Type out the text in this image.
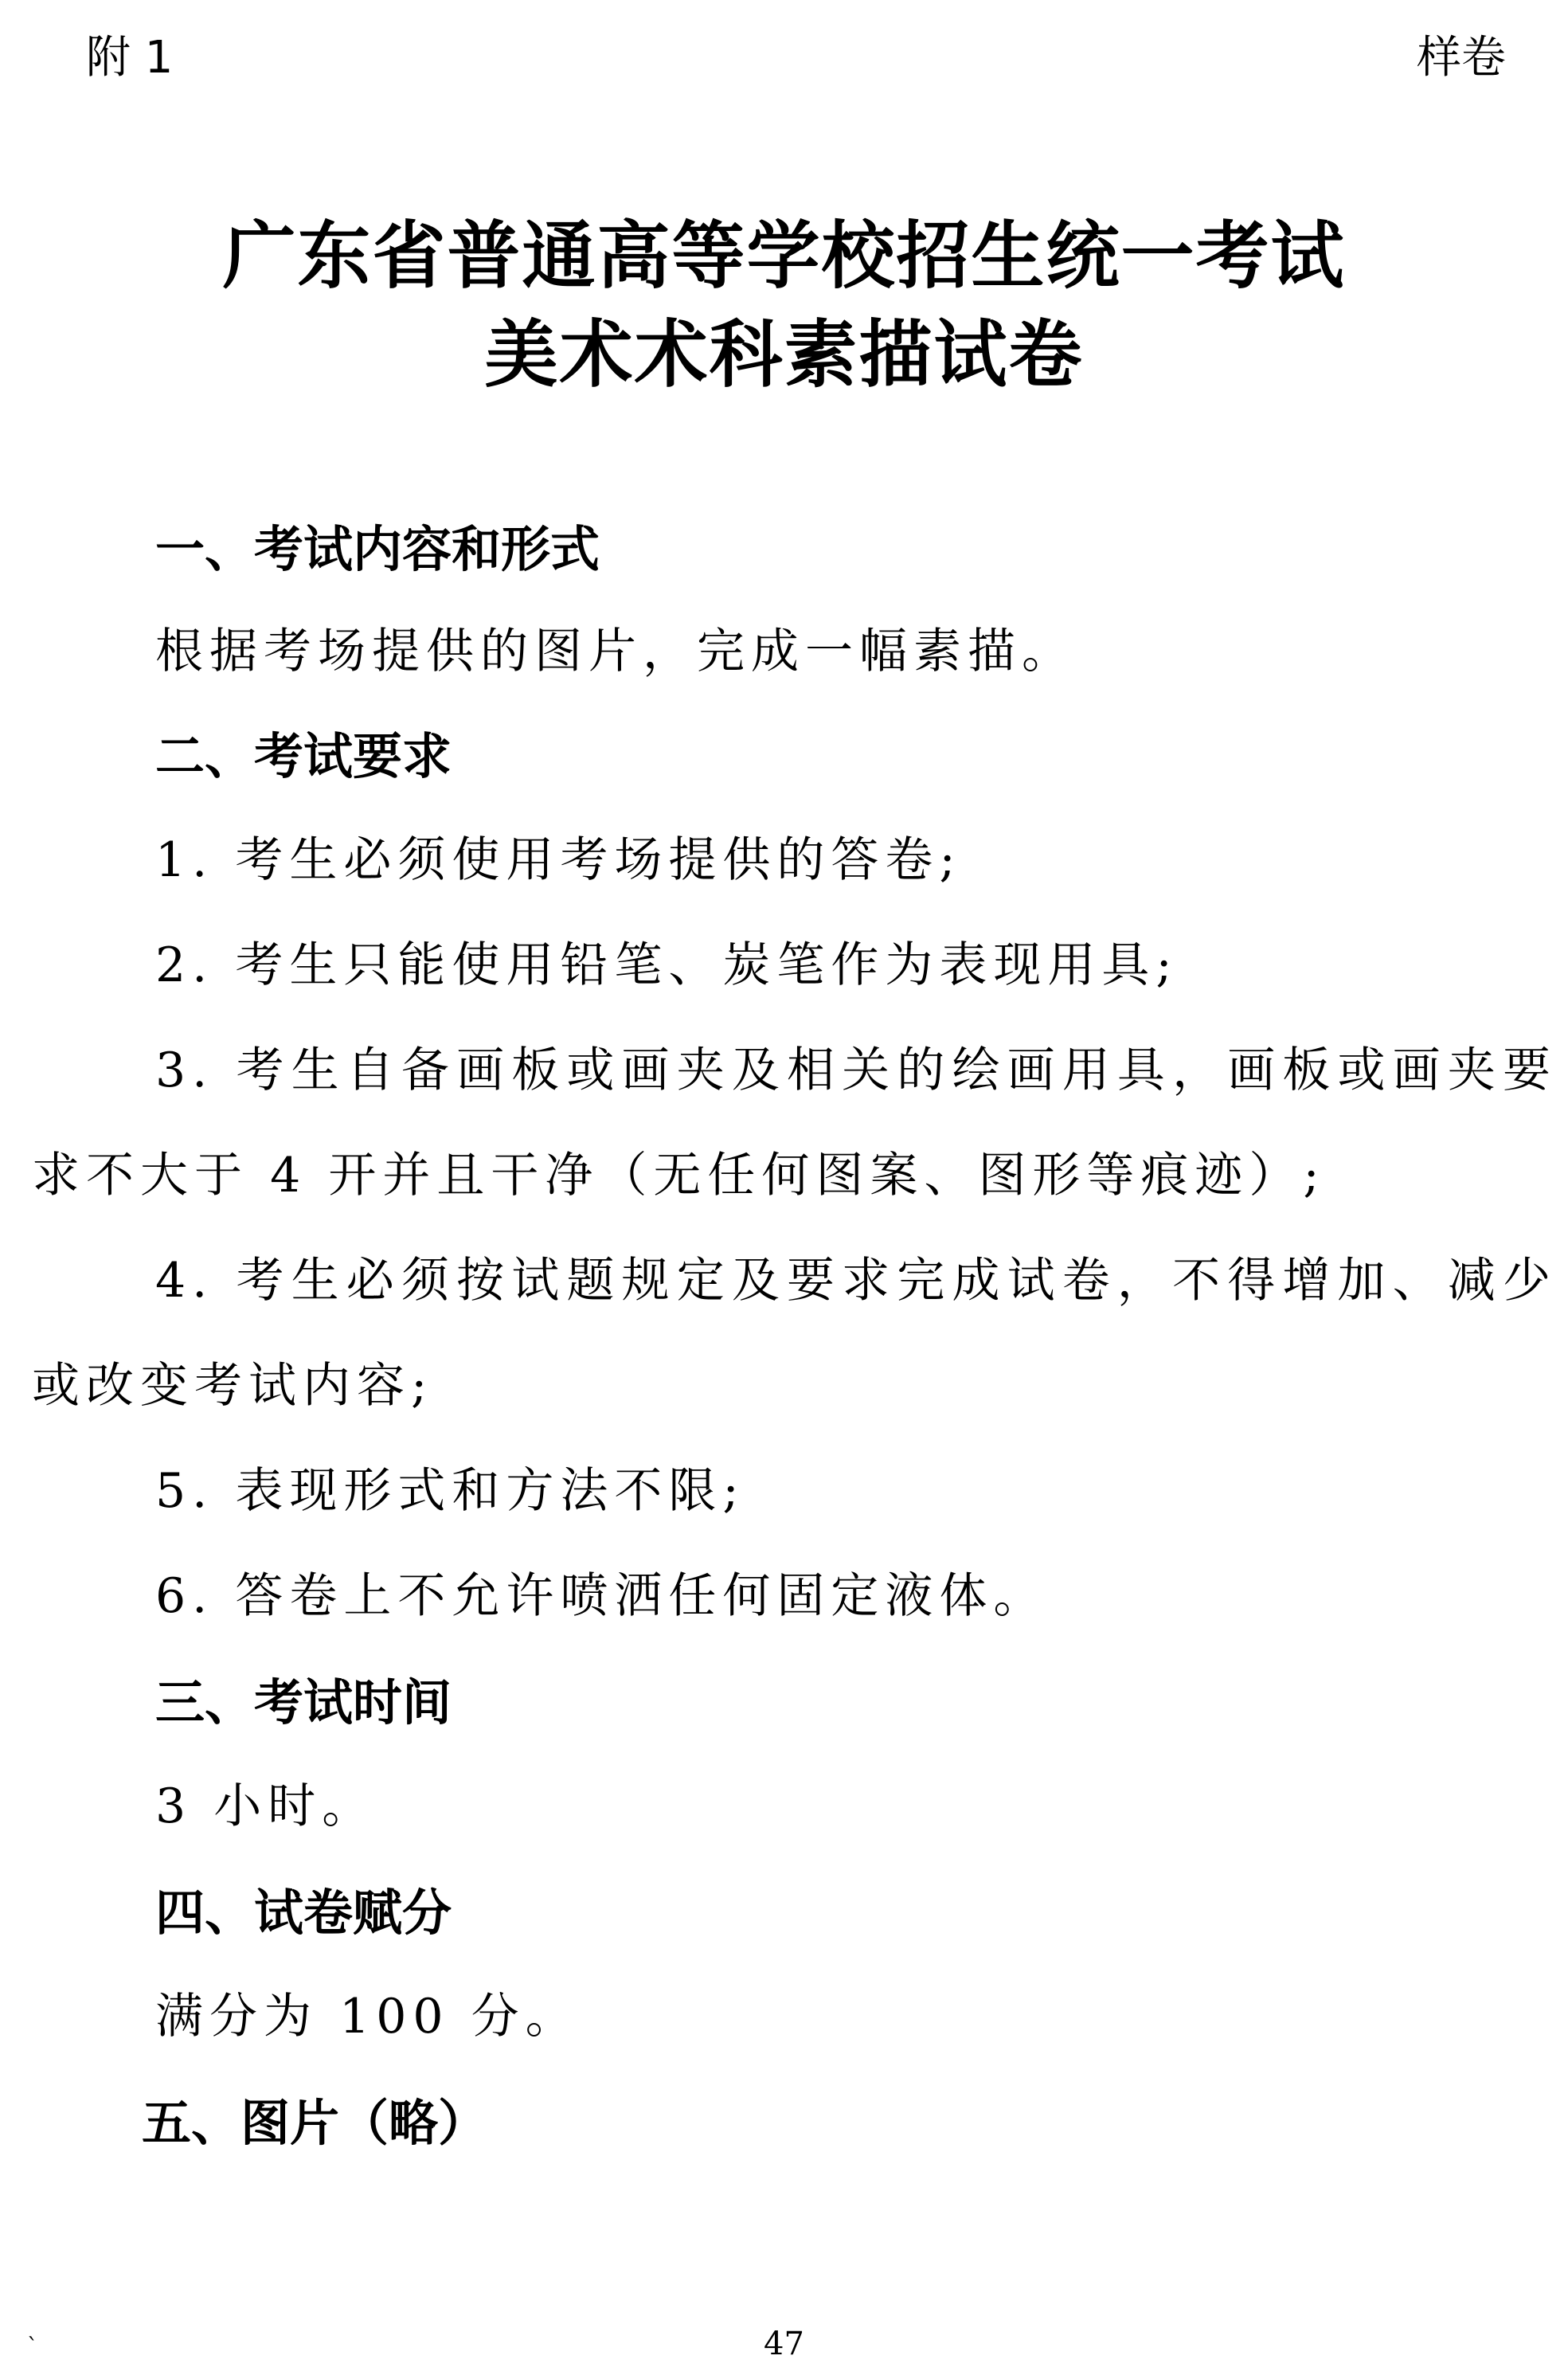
附 1	样卷
广东省普通高等学校招生统一考试
美术术科素描试卷
一、考试内容和形式
根据考场提供的图片，完成一幅素描。
二、考试要求
1. 考生必须使用考场提供的答卷;
2. 考生只能使用铅笔、炭笔作为表现用具;
3. 考生自备画板或画夹及相关的绘画用具，画板或画夹要
求不大于 4 开并且干净（无任何图案、图形等痕迹）;
4. 考生必须按试题规定及要求完成试卷，不得增加、减少
或改变考试内容;
5. 表现形式和方法不限;
6. 答卷上不允许喷洒任何固定液体。
三、考试时间
3 小时。
四、试卷赋分
满分为 100 分。
五、图片（略）
`	47
